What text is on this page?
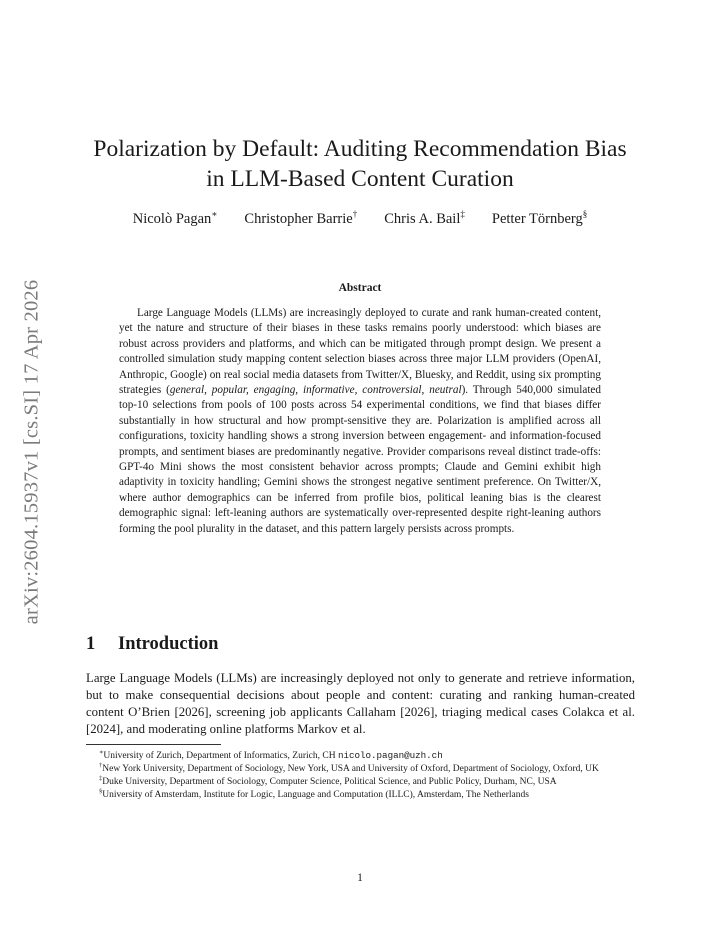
arXiv:2604.15937v1 [cs.SI] 17 Apr 2026
Polarization by Default: Auditing Recommendation Bias
in LLM-Based Content Curation
Nicolò Pagan∗ Christopher Barrie† Chris A. Bail‡ Petter Törnberg§
Abstract

Large Language Models (LLMs) are increasingly deployed to curate and rank human-created content, yet the nature and structure of their biases in these tasks remains poorly understood: which biases are robust across providers and platforms, and which can be mitigated through prompt design. We present a controlled simulation study mapping content selection biases across three major LLM providers (OpenAI, Anthropic, Google) on real social media datasets from Twitter/X, Bluesky, and Reddit, using six prompting strategies (general, popular, engaging, informative, controversial, neutral). Through 540,000 simulated top-10 selections from pools of 100 posts across 54 experimental conditions, we find that biases differ substantially in how structural and how prompt-sensitive they are. Polarization is amplified across all configurations, toxicity handling shows a strong inversion between engagement- and information-focused prompts, and sentiment biases are predominantly negative. Provider comparisons reveal distinct trade-offs: GPT-4o Mini shows the most consistent behavior across prompts; Claude and Gemini exhibit high adaptivity in toxicity handling; Gemini shows the strongest negative sentiment preference. On Twitter/X, where author demographics can be inferred from profile bios, political leaning bias is the clearest demographic signal: left-leaning authors are systematically over-represented despite right-leaning authors forming the pool plurality in the dataset, and this pattern largely persists across prompts.

1 Introduction

Large Language Models (LLMs) are increasingly deployed not only to generate and retrieve information, but to make consequential decisions about people and content: curating and ranking human-created content O’Brien [2026], screening job applicants Callaham [2026], triaging medical cases Colakca et al. [2024], and moderating online platforms Markov et al.

∗University of Zurich, Department of Informatics, Zurich, CH nicolo.pagan@uzh.ch

†New York University, Department of Sociology, New York, USA and University of Oxford, Department of Sociology, Oxford, UK

‡Duke University, Department of Sociology, Computer Science, Political Science, and Public Policy, Durham, NC, USA

§University of Amsterdam, Institute for Logic, Language and Computation (ILLC), Amsterdam, The Netherlands

1
